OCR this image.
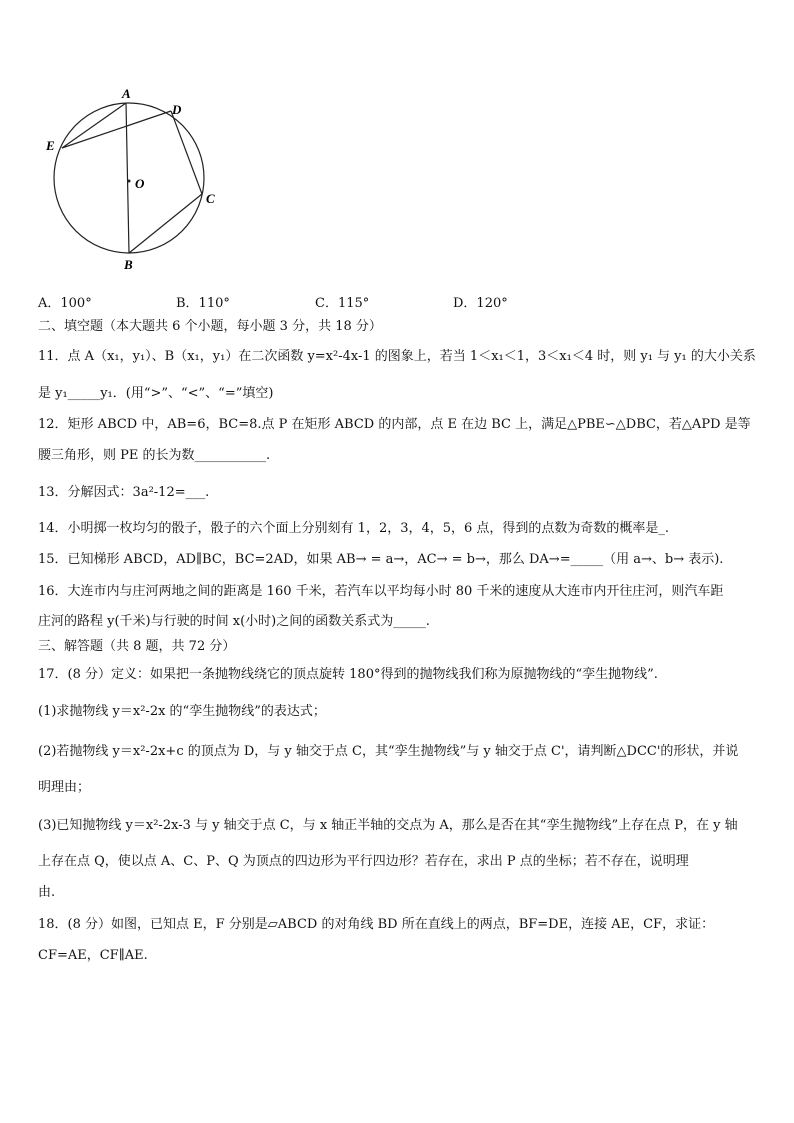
A
D
E
O
C
B
A．100°	B．110°	C．115°	D．120°
二、填空题（本大题共 6 个小题，每小题 3 分，共 18 分）
11．点 A（x₁，y₁）、B（x₁，y₁）在二次函数 y=x²-4x-1 的图象上，若当 1＜x₁＜1，3＜x₁＜4 时，则 y₁ 与 y₁ 的大小关系
是 y₁_____y₁．(用“>”、“<”、“=”填空)
12．矩形 ABCD 中，AB=6，BC=8.点 P 在矩形 ABCD 的内部，点 E 在边 BC 上，满足△PBE∽△DBC，若△APD 是等
腰三角形，则 PE 的长为数___________.
13．分解因式：3a²-12=___.
14．小明掷一枚均匀的骰子，骰子的六个面上分别刻有 1，2，3，4，5，6 点，得到的点数为奇数的概率是_.
15．已知梯形 ABCD，AD∥BC，BC=2AD，如果 AB→ = a→，AC→ = b→，那么 DA→=_____（用 a→、b→ 表示).
16．大连市内与庄河两地之间的距离是 160 千米，若汽车以平均每小时 80 千米的速度从大连市内开往庄河，则汽车距
庄河的路程 y(千米)与行驶的时间 x(小时)之间的函数关系式为_____.
三、解答题（共 8 题，共 72 分）
17．(8 分）定义：如果把一条抛物线绕它的顶点旋转 180°得到的抛物线我们称为原抛物线的“孪生抛物线”.
(1)求抛物线 y＝x²-2x 的“孪生抛物线”的表达式；
(2)若抛物线 y＝x²-2x+c 的顶点为 D，与 y 轴交于点 C，其“孪生抛物线”与 y 轴交于点 C'，请判断△DCC'的形状，并说
明理由；
(3)已知抛物线 y＝x²-2x-3 与 y 轴交于点 C，与 x 轴正半轴的交点为 A，那么是否在其“孪生抛物线”上存在点 P，在 y 轴
上存在点 Q，使以点 A、C、P、Q 为顶点的四边形为平行四边形？若存在，求出 P 点的坐标；若不存在，说明理
由.
18．(8 分）如图，已知点 E，F 分别是▱ABCD 的对角线 BD 所在直线上的两点，BF=DE，连接 AE，CF，求证：
CF=AE，CF∥AE.
